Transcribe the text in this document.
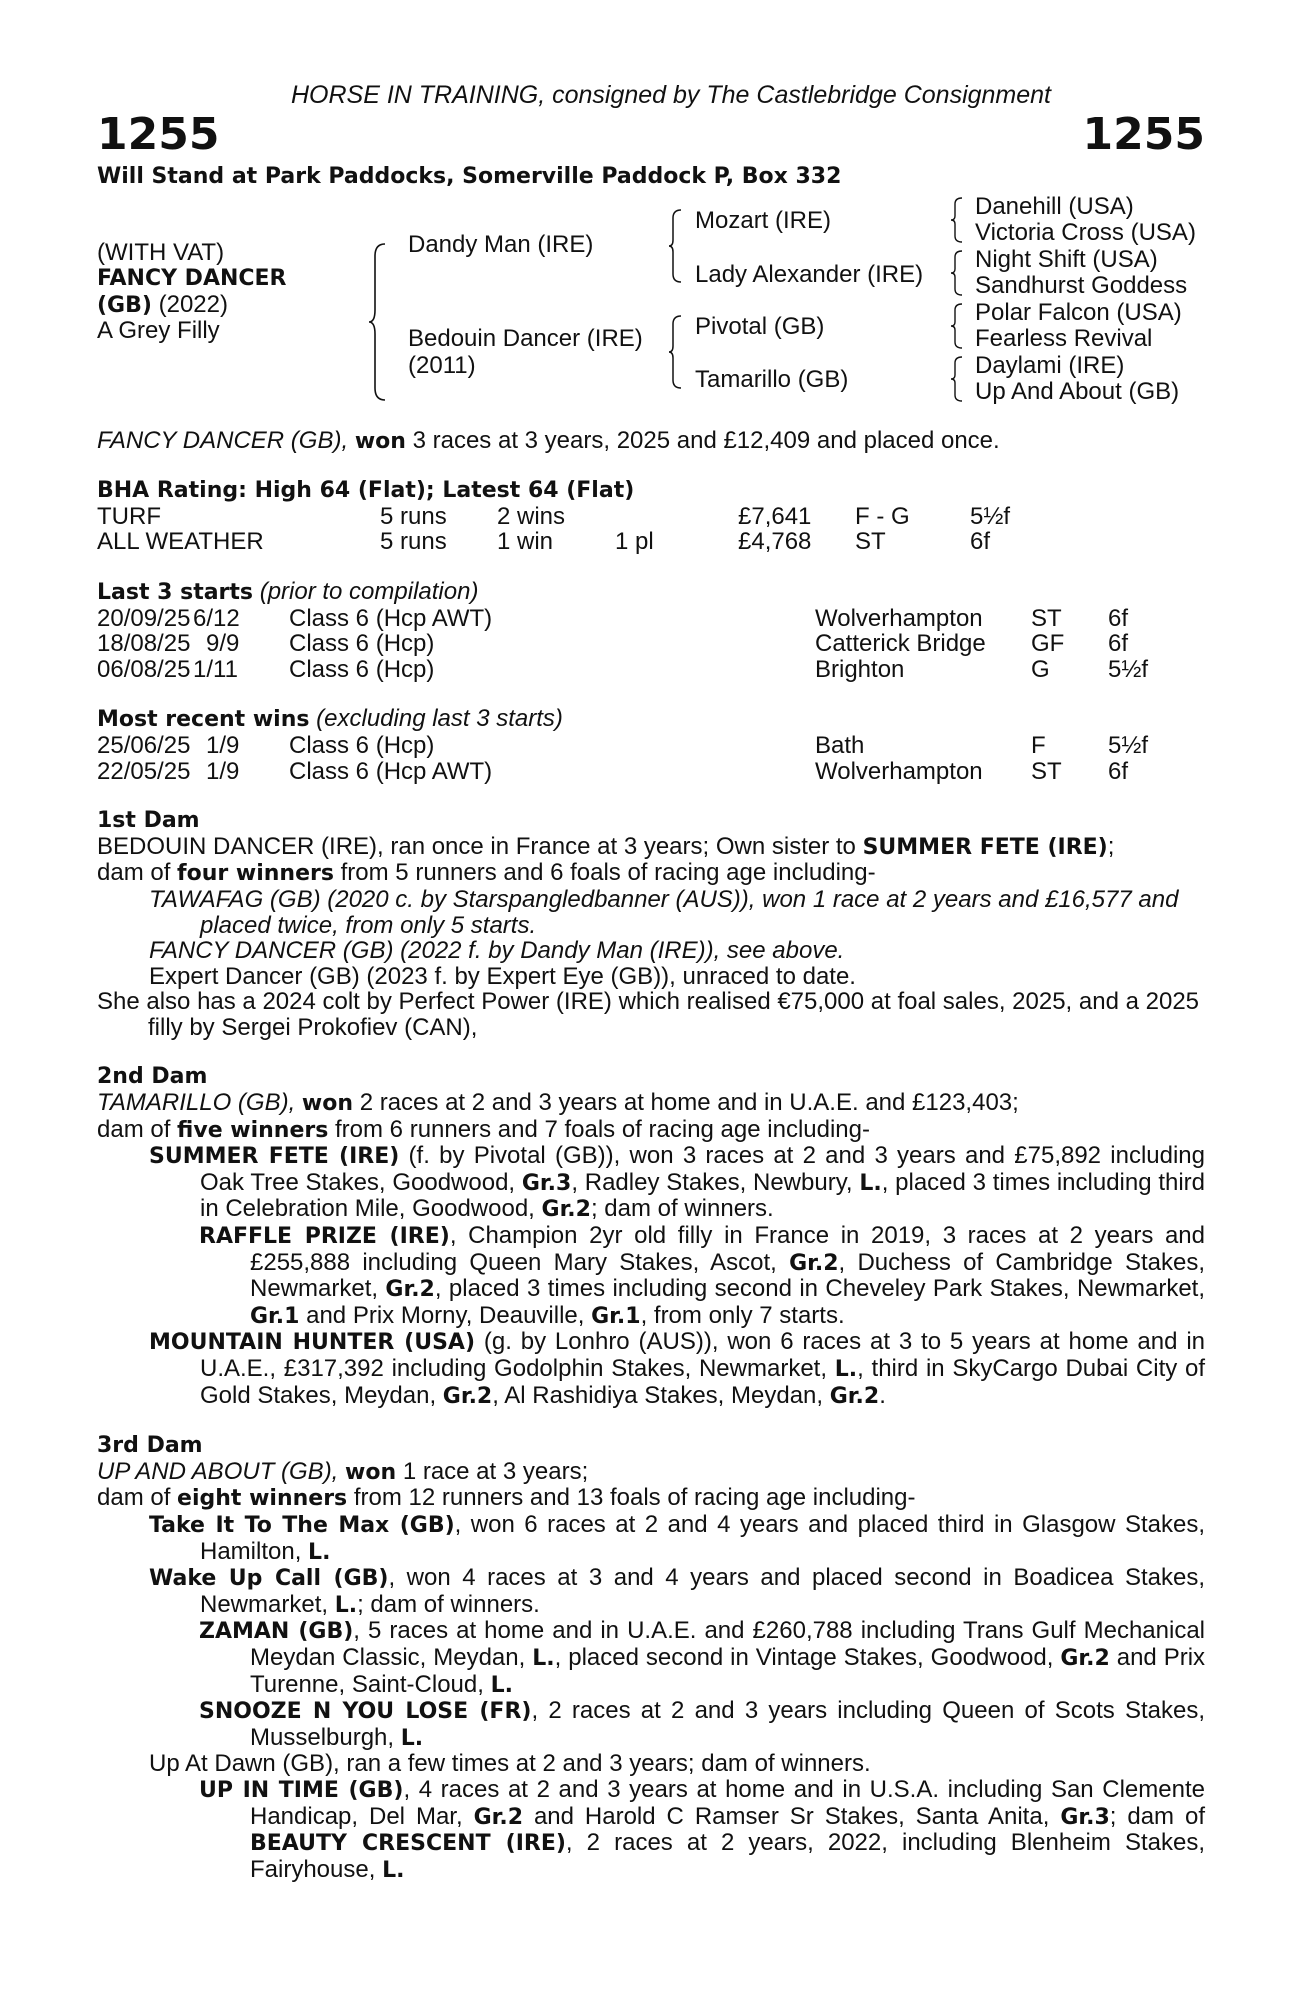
HORSE IN TRAINING, consigned by The Castlebridge Consignment
1255	1255
Will Stand at Park Paddocks, Somerville Paddock P, Box 332
(WITH VAT)
FANCY DANCER
(GB) (2022)
A Grey Filly
Dandy Man (IRE)
Bedouin Dancer (IRE)
(2011)
Mozart (IRE)
Lady Alexander (IRE)
Pivotal (GB)
Tamarillo (GB)
Danehill (USA)
Victoria Cross (USA)
Night Shift (USA)
Sandhurst Goddess
Polar Falcon (USA)
Fearless Revival
Daylami (IRE)
Up And About (GB)

FANCY DANCER (GB), won 3 races at 3 years, 2025 and £12,409 and placed once.

BHA Rating: High 64 (Flat); Latest 64 (Flat)
TURF	5 runs 2 wins	£7,641 F - G	5½f
ALL WEATHER	5 runs 1 win	1 pl	£4,768 ST	6f
Last 3 starts (prior to compilation)
20/09/25 6/12 Class 6 (Hcp AWT)	Wolverhampton ST 6f
18/08/25 9/9 Class 6 (Hcp)	Catterick Bridge GF 6f
06/08/25 1/11 Class 6 (Hcp)	Brighton	G 5½f
Most recent wins (excluding last 3 starts)
25/06/25 1/9 Class 6 (Hcp)	Bath	F	5½f
22/05/25 1/9 Class 6 (Hcp AWT)	Wolverhampton ST 6f
1st Dam

BEDOUIN DANCER (IRE), ran once in France at 3 years; Own sister to SUMMER FETE (IRE);

dam of four winners from 5 runners and 6 foals of racing age including-

TAWAFAG (GB) (2020 c. by Starspangledbanner (AUS)), won 1 race at 2 years and £16,577 and placed twice, from only 5 starts.

FANCY DANCER (GB) (2022 f. by Dandy Man (IRE)), see above.

Expert Dancer (GB) (2023 f. by Expert Eye (GB)), unraced to date.

She also has a 2024 colt by Perfect Power (IRE) which realised €75,000 at foal sales, 2025, and a 2025 filly by Sergei Prokofiev (CAN),

2nd Dam

TAMARILLO (GB), won 2 races at 2 and 3 years at home and in U.A.E. and £123,403;

dam of five winners from 6 runners and 7 foals of racing age including-

SUMMER FETE (IRE) (f. by Pivotal (GB)), won 3 races at 2 and 3 years and £75,892 including Oak Tree Stakes, Goodwood, Gr.3, Radley Stakes, Newbury, L., placed 3 times including third in Celebration Mile, Goodwood, Gr.2; dam of winners.

RAFFLE PRIZE (IRE), Champion 2yr old filly in France in 2019, 3 races at 2 years and £255,888 including Queen Mary Stakes, Ascot, Gr.2, Duchess of Cambridge Stakes, Newmarket, Gr.2, placed 3 times including second in Cheveley Park Stakes, Newmarket, Gr.1 and Prix Morny, Deauville, Gr.1, from only 7 starts.

MOUNTAIN HUNTER (USA) (g. by Lonhro (AUS)), won 6 races at 3 to 5 years at home and in U.A.E., £317,392 including Godolphin Stakes, Newmarket, L., third in SkyCargo Dubai City of Gold Stakes, Meydan, Gr.2, Al Rashidiya Stakes, Meydan, Gr.2.

3rd Dam

UP AND ABOUT (GB), won 1 race at 3 years;

dam of eight winners from 12 runners and 13 foals of racing age including-

Take It To The Max (GB), won 6 races at 2 and 4 years and placed third in Glasgow Stakes, Hamilton, L.

Wake Up Call (GB), won 4 races at 3 and 4 years and placed second in Boadicea Stakes, Newmarket, L.; dam of winners.

ZAMAN (GB), 5 races at home and in U.A.E. and £260,788 including Trans Gulf Mechanical Meydan Classic, Meydan, L., placed second in Vintage Stakes, Goodwood, Gr.2 and Prix Turenne, Saint-Cloud, L.

SNOOZE N YOU LOSE (FR), 2 races at 2 and 3 years including Queen of Scots Stakes, Musselburgh, L.

Up At Dawn (GB), ran a few times at 2 and 3 years; dam of winners.

UP IN TIME (GB), 4 races at 2 and 3 years at home and in U.S.A. including San Clemente Handicap, Del Mar, Gr.2 and Harold C Ramser Sr Stakes, Santa Anita, Gr.3; dam of BEAUTY CRESCENT (IRE), 2 races at 2 years, 2022, including Blenheim Stakes, Fairyhouse, L.
